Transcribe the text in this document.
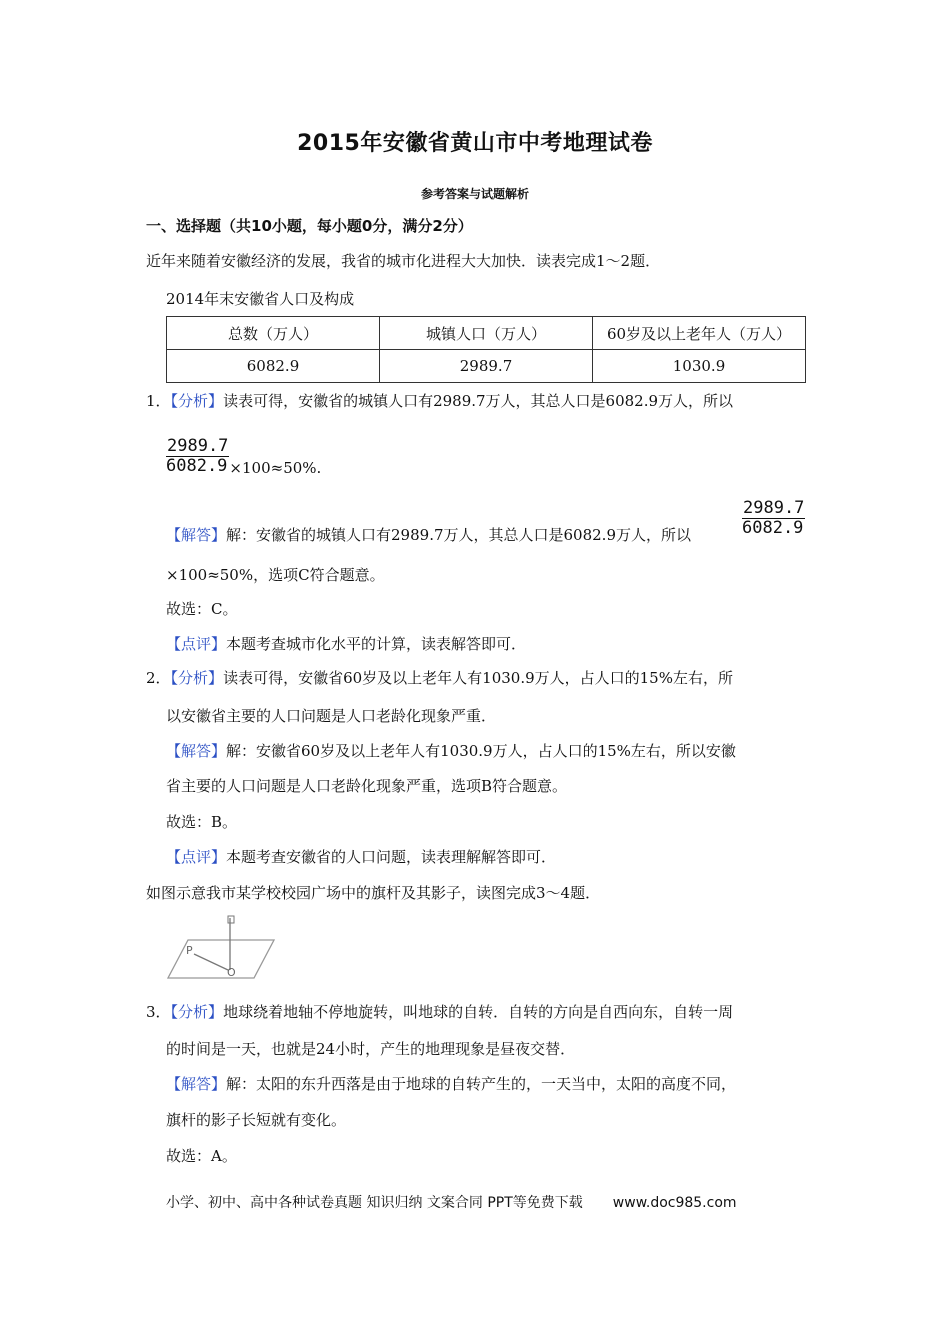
2015年安徽省黄山市中考地理试卷
参考答案与试题解析
一、选择题（共10小题，每小题0分，满分2分）
近年来随着安徽经济的发展，我省的城市化进程大大加快．读表完成1～2题．
2014年末安徽省人口及构成
总数（万人）	城镇人口（万人）	60岁及以上老年人（万人）
6082.9	2989.7	1030.9
1．【分析】读表可得，安徽省的城镇人口有2989.7万人，其总人口是6082.9万人，所以
$\frac{2989.7}{6082.9} \times 100\approx 50\%$.
【解答】解：安徽省的城镇人口有2989.7万人，其总人口是6082.9万人，所以	$\frac{2989.7}{6082.9}$
×100≈50%，选项C符合题意。
故选：C。
【点评】本题考查城市化水平的计算，读表解答即可．
2．【分析】读表可得，安徽省60岁及以上老年人有1030.9万人，占人口的15%左右，所
以安徽省主要的人口问题是人口老龄化现象严重．
【解答】解：安徽省60岁及以上老年人有1030.9万人，占人口的15%左右，所以安徽
省主要的人口问题是人口老龄化现象严重，选项B符合题意。
故选：B。
【点评】本题考查安徽省的人口问题，读表理解解答即可．
如图示意我市某学校校园广场中的旗杆及其影子，读图完成3～4题．
P
O
3．【分析】地球绕着地轴不停地旋转，叫地球的自转．自转的方向是自西向东，自转一周
的时间是一天，也就是24小时，产生的地理现象是昼夜交替．
【解答】解：太阳的东升西落是由于地球的自转产生的，一天当中，太阳的高度不同，
旗杆的影子长短就有变化。
故选：A。
小学、初中、高中各种试卷真题 知识归纳 文案合同 PPT等免费下载 www.doc985.com
